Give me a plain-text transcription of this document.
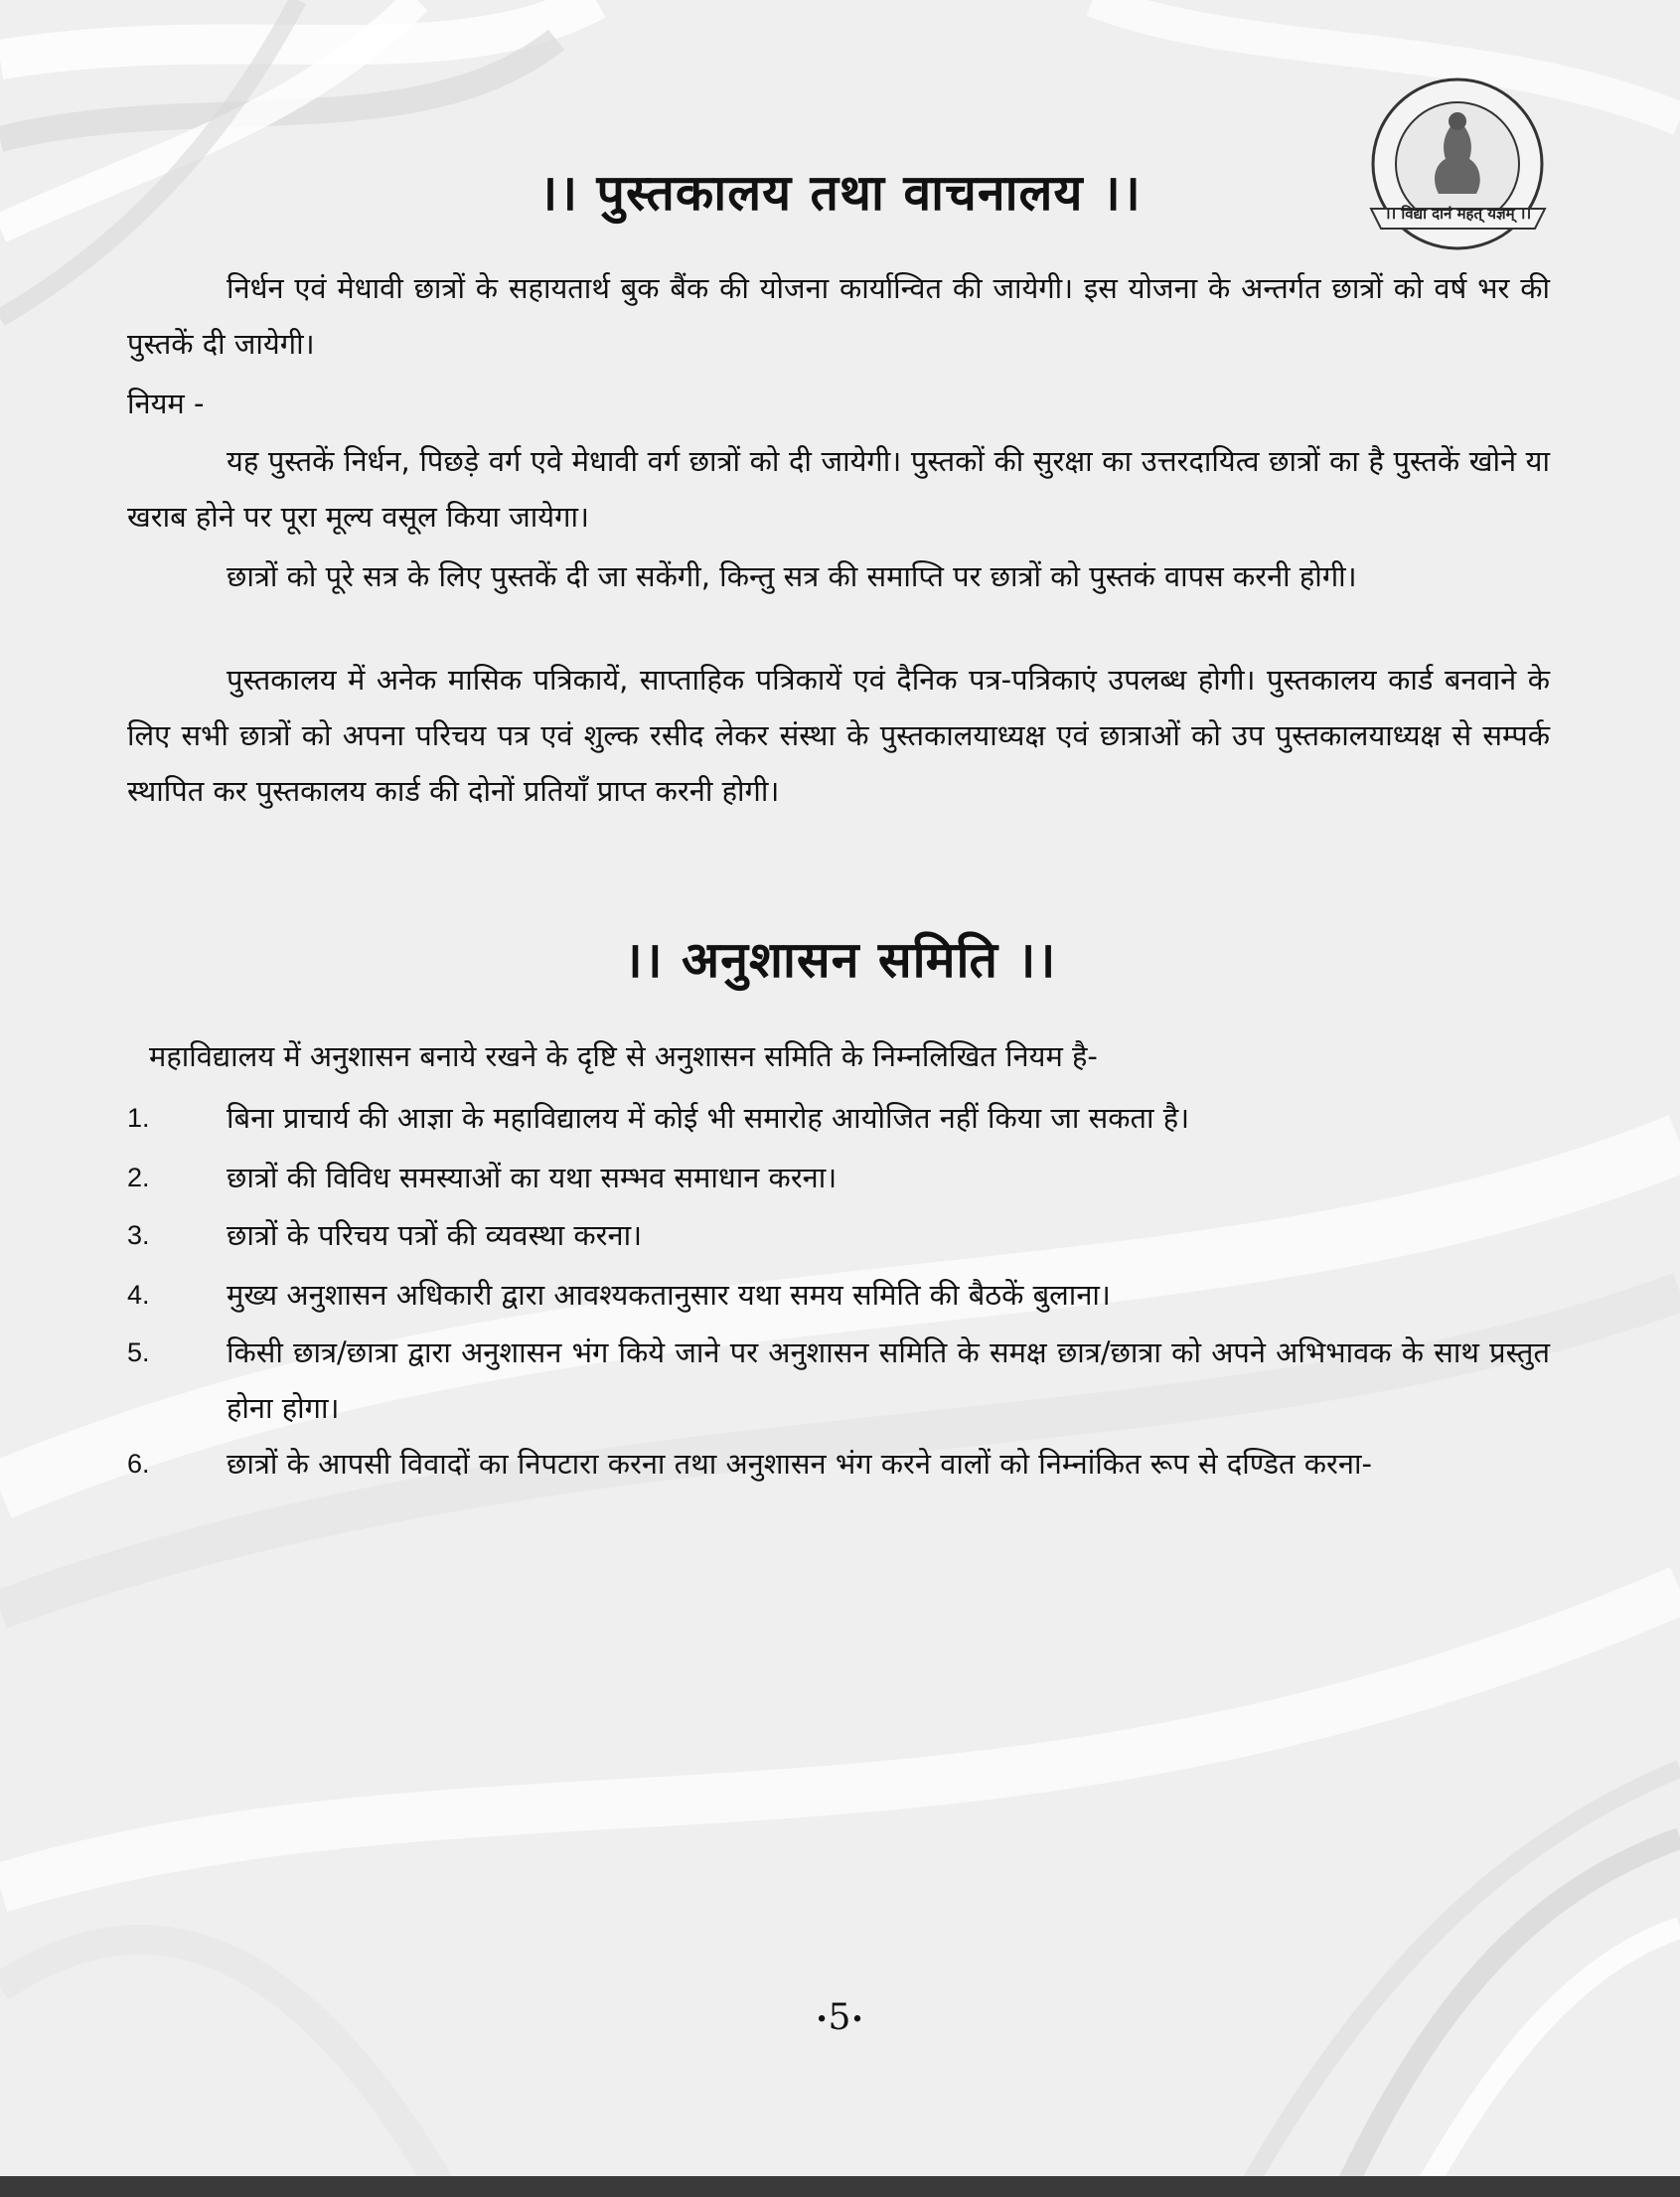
।। विद्या दानं महत् यज्ञम् ।।
।। पुस्तकालय तथा वाचनालय ।।
निर्धन एवं मेधावी छात्रों के सहायतार्थ बुक बैंक की योजना कार्यान्वित की जायेगी। इस योजना के अन्तर्गत छात्रों को वर्ष भर की पुस्तकें दी जायेगी।
नियम -
यह पुस्तकें निर्धन, पिछड़े वर्ग एवे मेधावी वर्ग छात्रों को दी जायेगी। पुस्तकों की सुरक्षा का उत्तरदायित्व छात्रों का है पुस्तकें खोने या खराब होने पर पूरा मूल्य वसूल किया जायेगा।
छात्रों को पूरे सत्र के लिए पुस्तकें दी जा सकेंगी, किन्तु सत्र की समाप्ति पर छात्रों को पुस्तकं वापस करनी होगी।
पुस्तकालय में अनेक मासिक पत्रिकायें, साप्ताहिक पत्रिकायें एवं दैनिक पत्र-पत्रिकाएं उपलब्ध होगी। पुस्तकालय कार्ड बनवाने के लिए सभी छात्रों को अपना परिचय पत्र एवं शुल्क रसीद लेकर संस्था के पुस्तकालयाध्यक्ष एवं छात्राओं को उप पुस्तकालयाध्यक्ष से सम्पर्क स्थापित कर पुस्तकालय कार्ड की दोनों प्रतियाँ प्राप्त करनी होगी।
।। अनुशासन समिति ।।
महाविद्यालय में अनुशासन बनाये रखने के दृष्टि से अनुशासन समिति के निम्नलिखित नियम है-
1.	बिना प्राचार्य की आज्ञा के महाविद्यालय में कोई भी समारोह आयोजित नहीं किया जा सकता है।
2.	छात्रों की विविध समस्याओं का यथा सम्भव समाधान करना।
3.	छात्रों के परिचय पत्रों की व्यवस्था करना।
4.	मुख्य अनुशासन अधिकारी द्वारा आवश्यकतानुसार यथा समय समिति की बैठकें बुलाना।
5.	किसी छात्र/छात्रा द्वारा अनुशासन भंग किये जाने पर अनुशासन समिति के समक्ष छात्र/छात्रा को अपने अभिभावक के साथ प्रस्तुत होना होगा।
6.	छात्रों के आपसी विवादों का निपटारा करना तथा अनुशासन भंग करने वालों को निम्नांकित रूप से दण्डित करना-
•5•
